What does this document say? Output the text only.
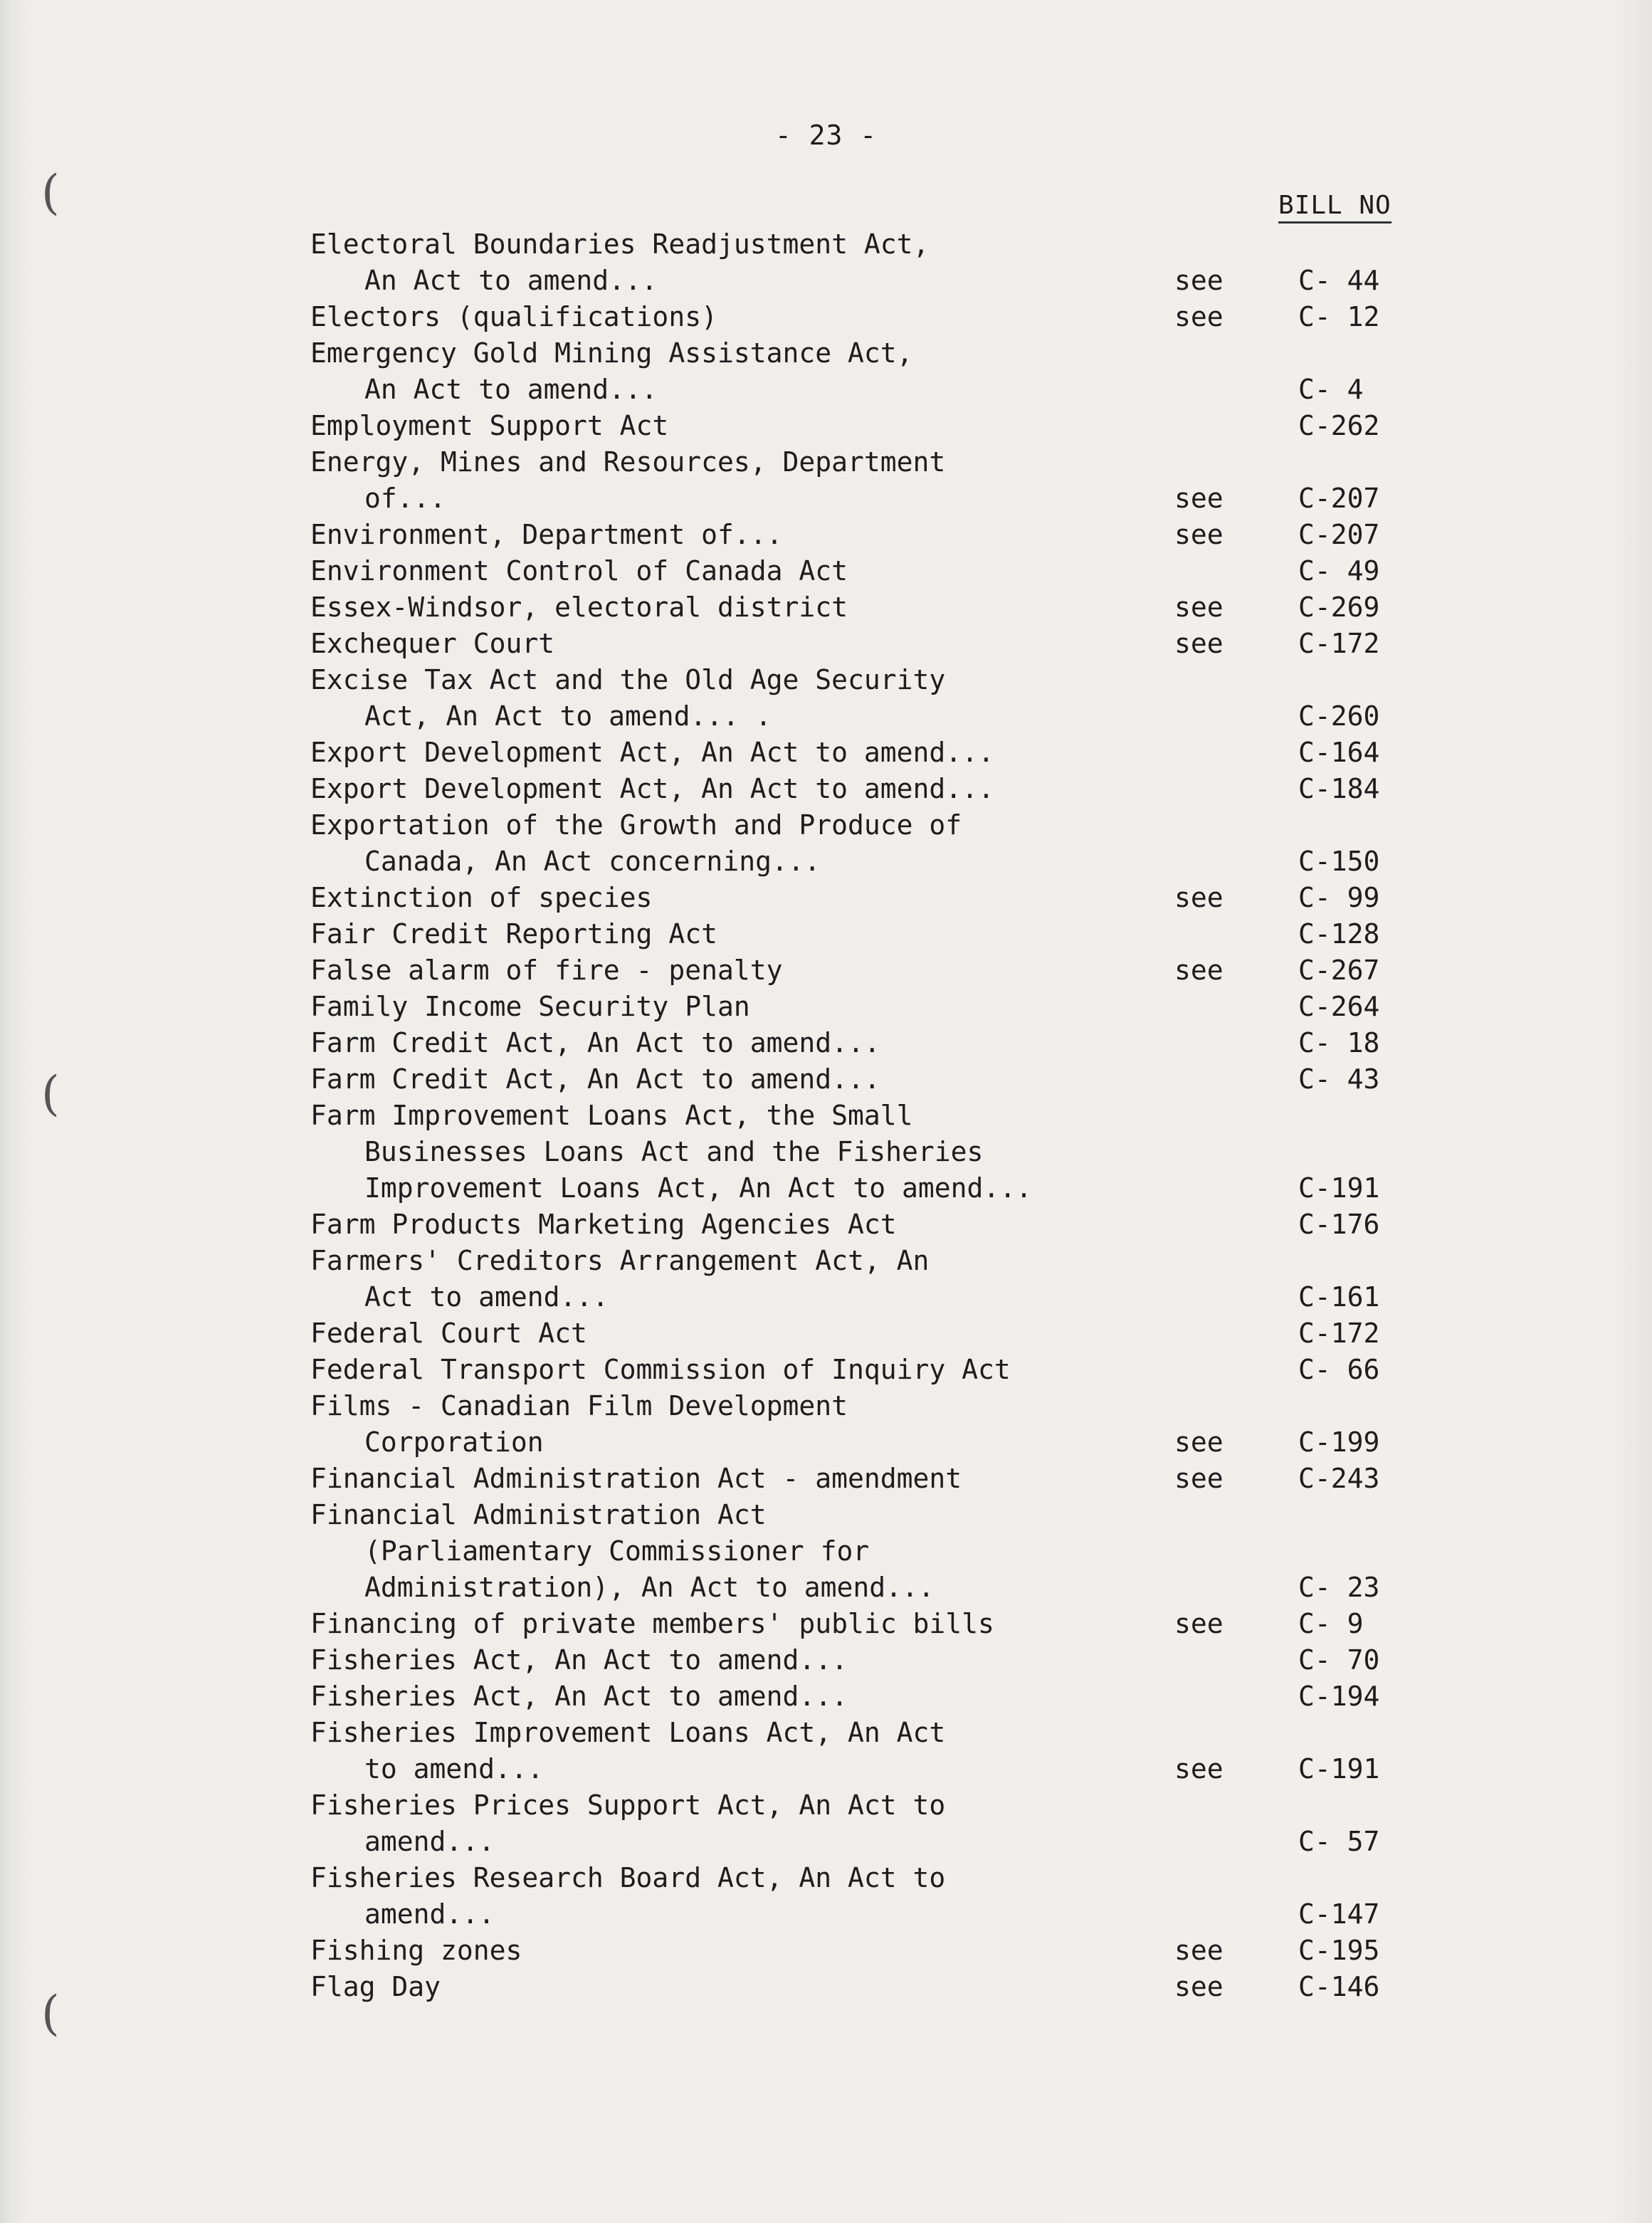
(
(
(
- 23 -
BILL NO
Electoral Boundaries Readjustment Act,
An Act to amend...	see	C- 44
Electors (qualifications)	see	C- 12
Emergency Gold Mining Assistance Act,
An Act to amend...	C- 4
Employment Support Act	C-262
Energy, Mines and Resources, Department
of...	see	C-207
Environment, Department of...	see	C-207
Environment Control of Canada Act	C- 49
Essex-Windsor, electoral district	see	C-269
Exchequer Court	see	C-172
Excise Tax Act and the Old Age Security
Act, An Act to amend... .	C-260
Export Development Act, An Act to amend...	C-164
Export Development Act, An Act to amend...	C-184
Exportation of the Growth and Produce of
Canada, An Act concerning...	C-150
Extinction of species	see	C- 99
Fair Credit Reporting Act	C-128
False alarm of fire - penalty	see	C-267
Family Income Security Plan	C-264
Farm Credit Act, An Act to amend...	C- 18
Farm Credit Act, An Act to amend...	C- 43
Farm Improvement Loans Act, the Small
Businesses Loans Act and the Fisheries
Improvement Loans Act, An Act to amend...	C-191
Farm Products Marketing Agencies Act	C-176
Farmers' Creditors Arrangement Act, An
Act to amend...	C-161
Federal Court Act	C-172
Federal Transport Commission of Inquiry Act	C- 66
Films - Canadian Film Development
Corporation	see	C-199
Financial Administration Act - amendment	see	C-243
Financial Administration Act
(Parliamentary Commissioner for
Administration), An Act to amend...	C- 23
Financing of private members' public bills	see	C- 9
Fisheries Act, An Act to amend...	C- 70
Fisheries Act, An Act to amend...	C-194
Fisheries Improvement Loans Act, An Act
to amend...	see	C-191
Fisheries Prices Support Act, An Act to
amend...	C- 57
Fisheries Research Board Act, An Act to
amend...	C-147
Fishing zones	see	C-195
Flag Day	see	C-146
